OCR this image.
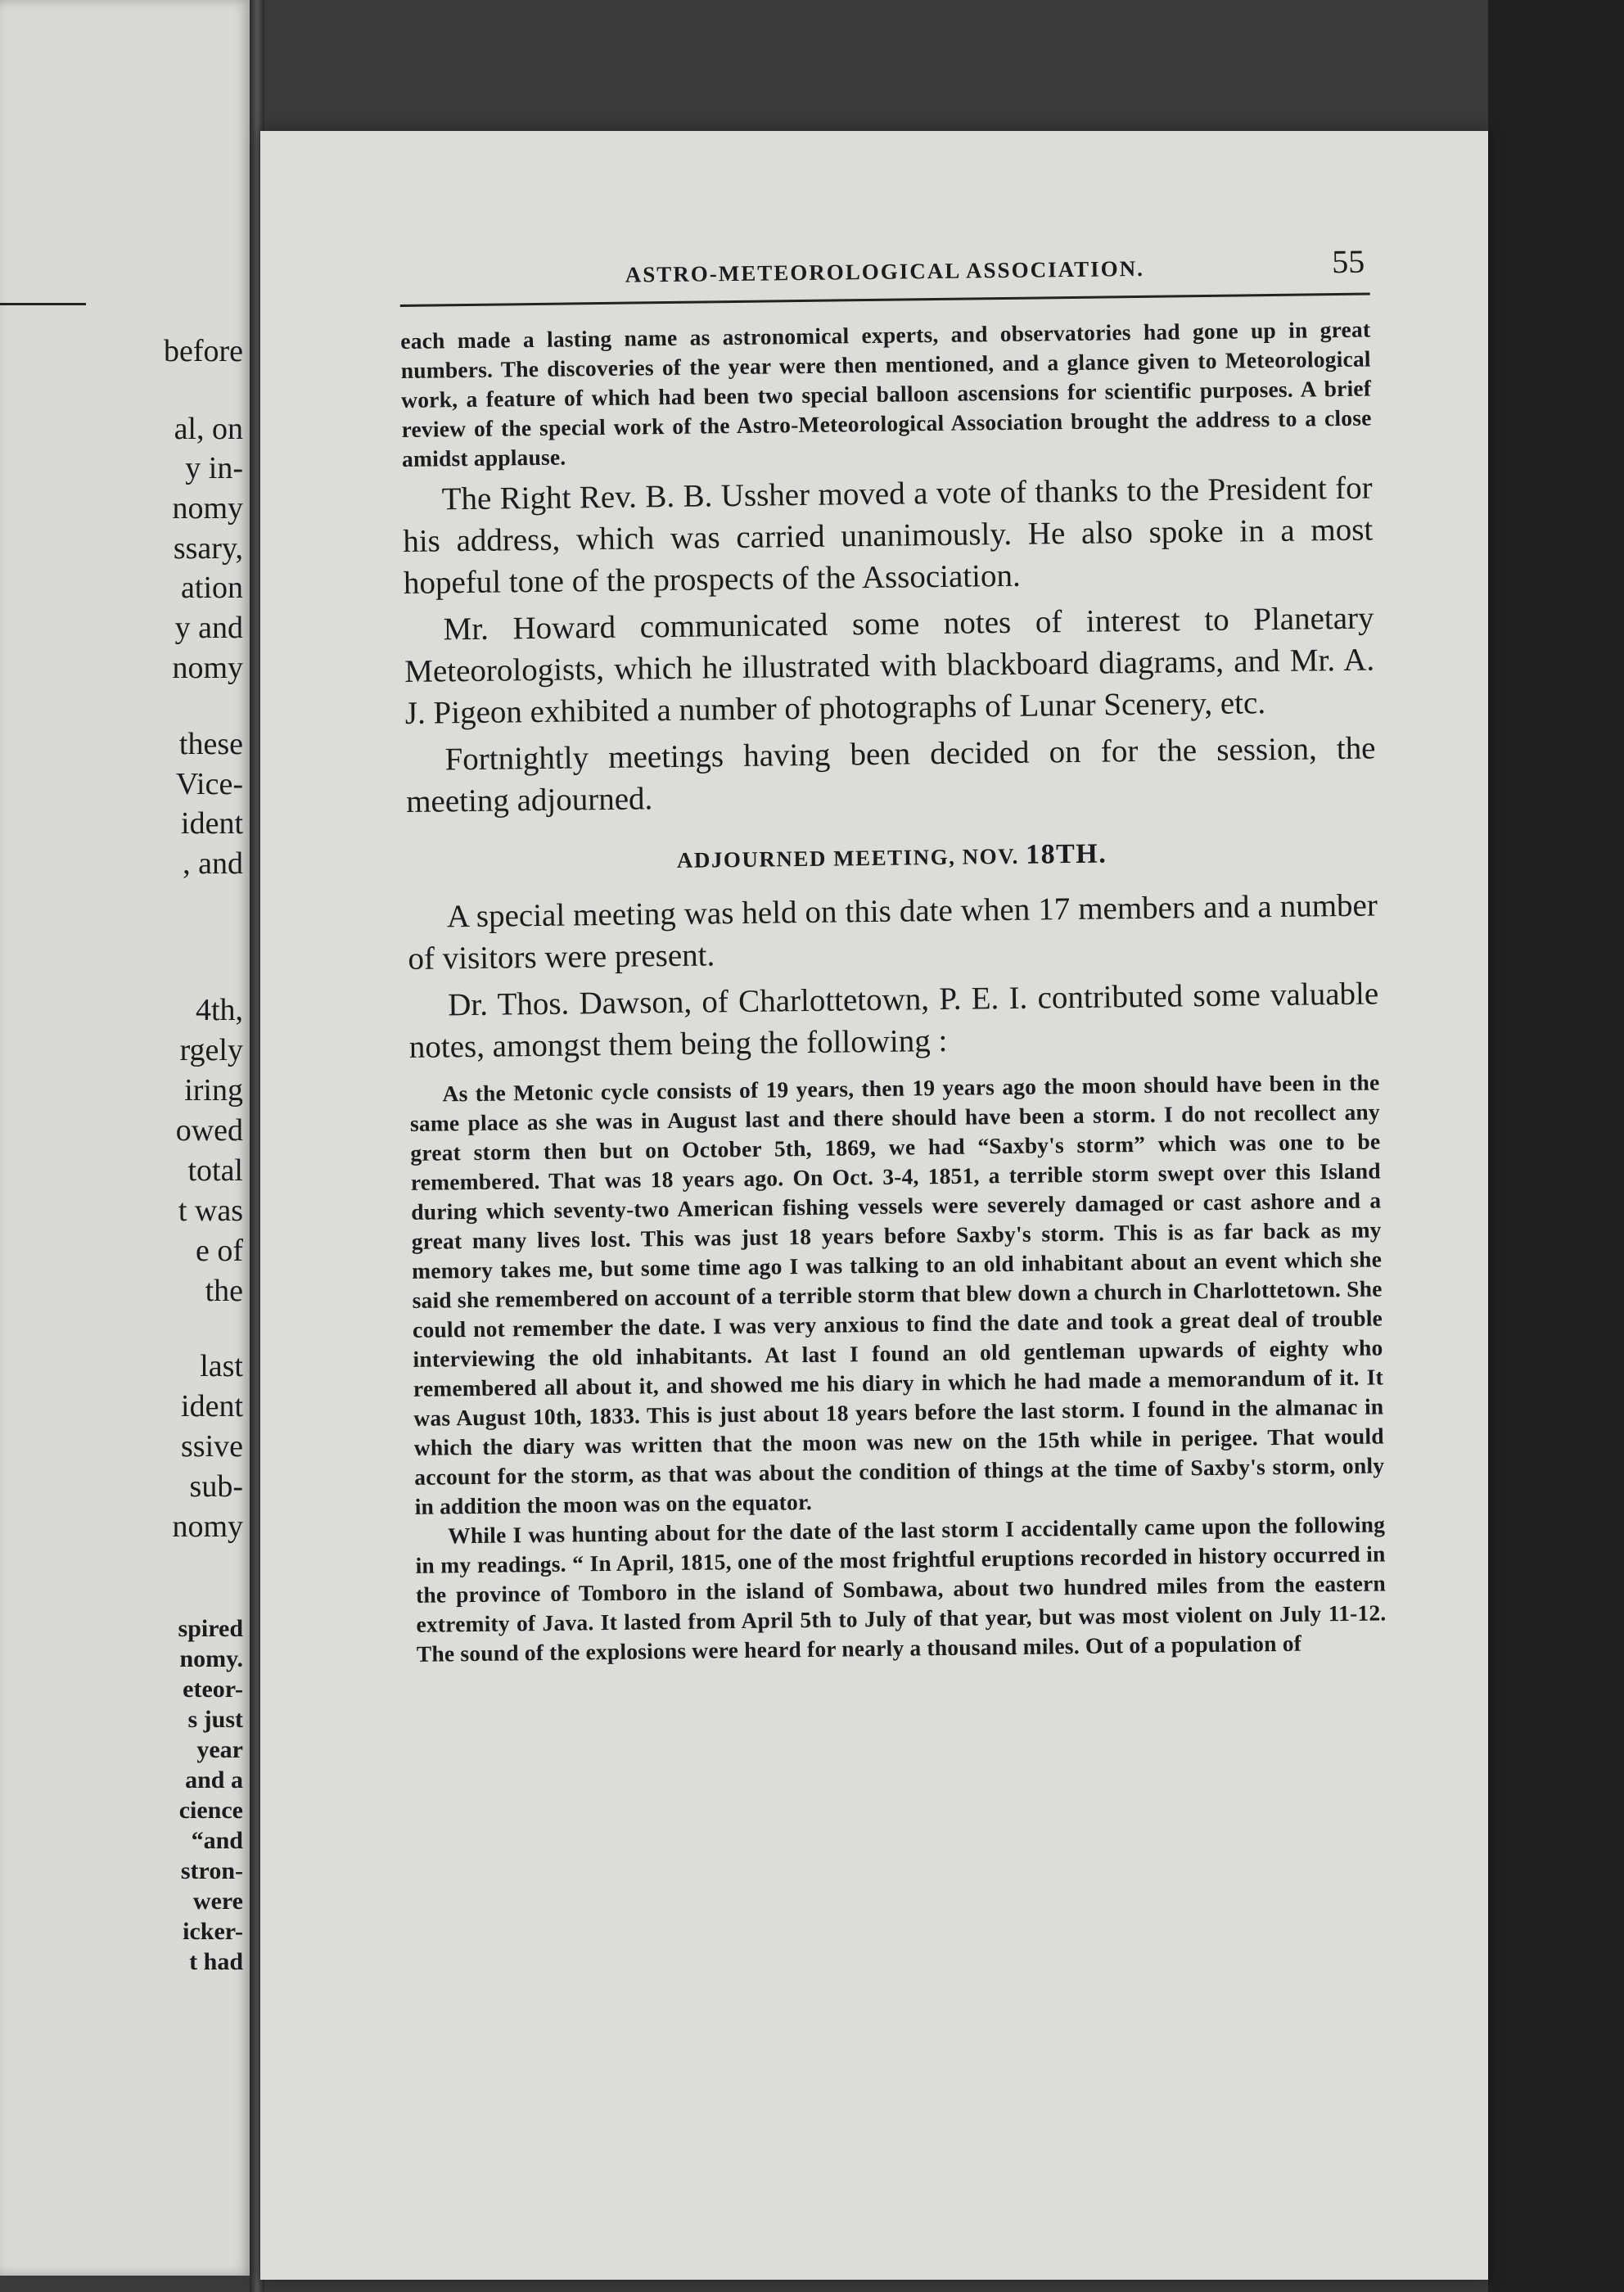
before
al, on
y in-
nomy
ssary,
ation
y and
nomy
these
Vice-
ident
, and
4th,
rgely
iring
owed
total
t was
e of
the
last
ident
ssive
sub-
nomy
spired
nomy.
eteor-
s just
year
and a
cience
“and
stron-
were
icker-
t had
ASTRO-METEOROLOGICAL ASSOCIATION.	55

each made a lasting name as astronomical experts, and observatories had gone up in great numbers. The discoveries of the year were then mentioned, and a glance given to Meteorological work, a feature of which had been two special balloon ascensions for scientific purposes. A brief review of the special work of the Astro-Meteorological Association brought the address to a close amidst applause.

The Right Rev. B. B. Ussher moved a vote of thanks to the President for his address, which was carried unanimously. He also spoke in a most hopeful tone of the prospects of the Association.

Mr. Howard communicated some notes of interest to Planetary Meteorologists, which he illustrated with blackboard diagrams, and Mr. A. J. Pigeon exhibited a number of photographs of Lunar Scenery, etc.

Fortnightly meetings having been decided on for the session, the meeting adjourned.

ADJOURNED MEETING, NOV. 18TH.

A special meeting was held on this date when 17 members and a number of visitors were present.

Dr. Thos. Dawson, of Charlottetown, P. E. I. contributed some valuable notes, amongst them being the following :

As the Metonic cycle consists of 19 years, then 19 years ago the moon should have been in the same place as she was in August last and there should have been a storm. I do not recollect any great storm then but on October 5th, 1869, we had “Saxby's storm” which was one to be remembered. That was 18 years ago. On Oct. 3-4, 1851, a terrible storm swept over this Island during which seventy-two American fishing vessels were severely damaged or cast ashore and a great many lives lost. This was just 18 years before Saxby's storm. This is as far back as my memory takes me, but some time ago I was talking to an old inhabitant about an event which she said she remembered on account of a terrible storm that blew down a church in Charlottetown. She could not remember the date. I was very anxious to find the date and took a great deal of trouble interviewing the old inhabitants. At last I found an old gentleman upwards of eighty who remembered all about it, and showed me his diary in which he had made a memorandum of it. It was August 10th, 1833. This is just about 18 years before the last storm. I found in the almanac in which the diary was written that the moon was new on the 15th while in perigee. That would account for the storm, as that was about the condition of things at the time of Saxby's storm, only in addition the moon was on the equator.

While I was hunting about for the date of the last storm I accidentally came upon the following in my readings. “ In April, 1815, one of the most frightful eruptions recorded in history occurred in the province of Tomboro in the island of Sombawa, about two hundred miles from the eastern extremity of Java. It lasted from April 5th to July of that year, but was most violent on July 11-12. The sound of the explosions were heard for nearly a thousand miles. Out of a population of
